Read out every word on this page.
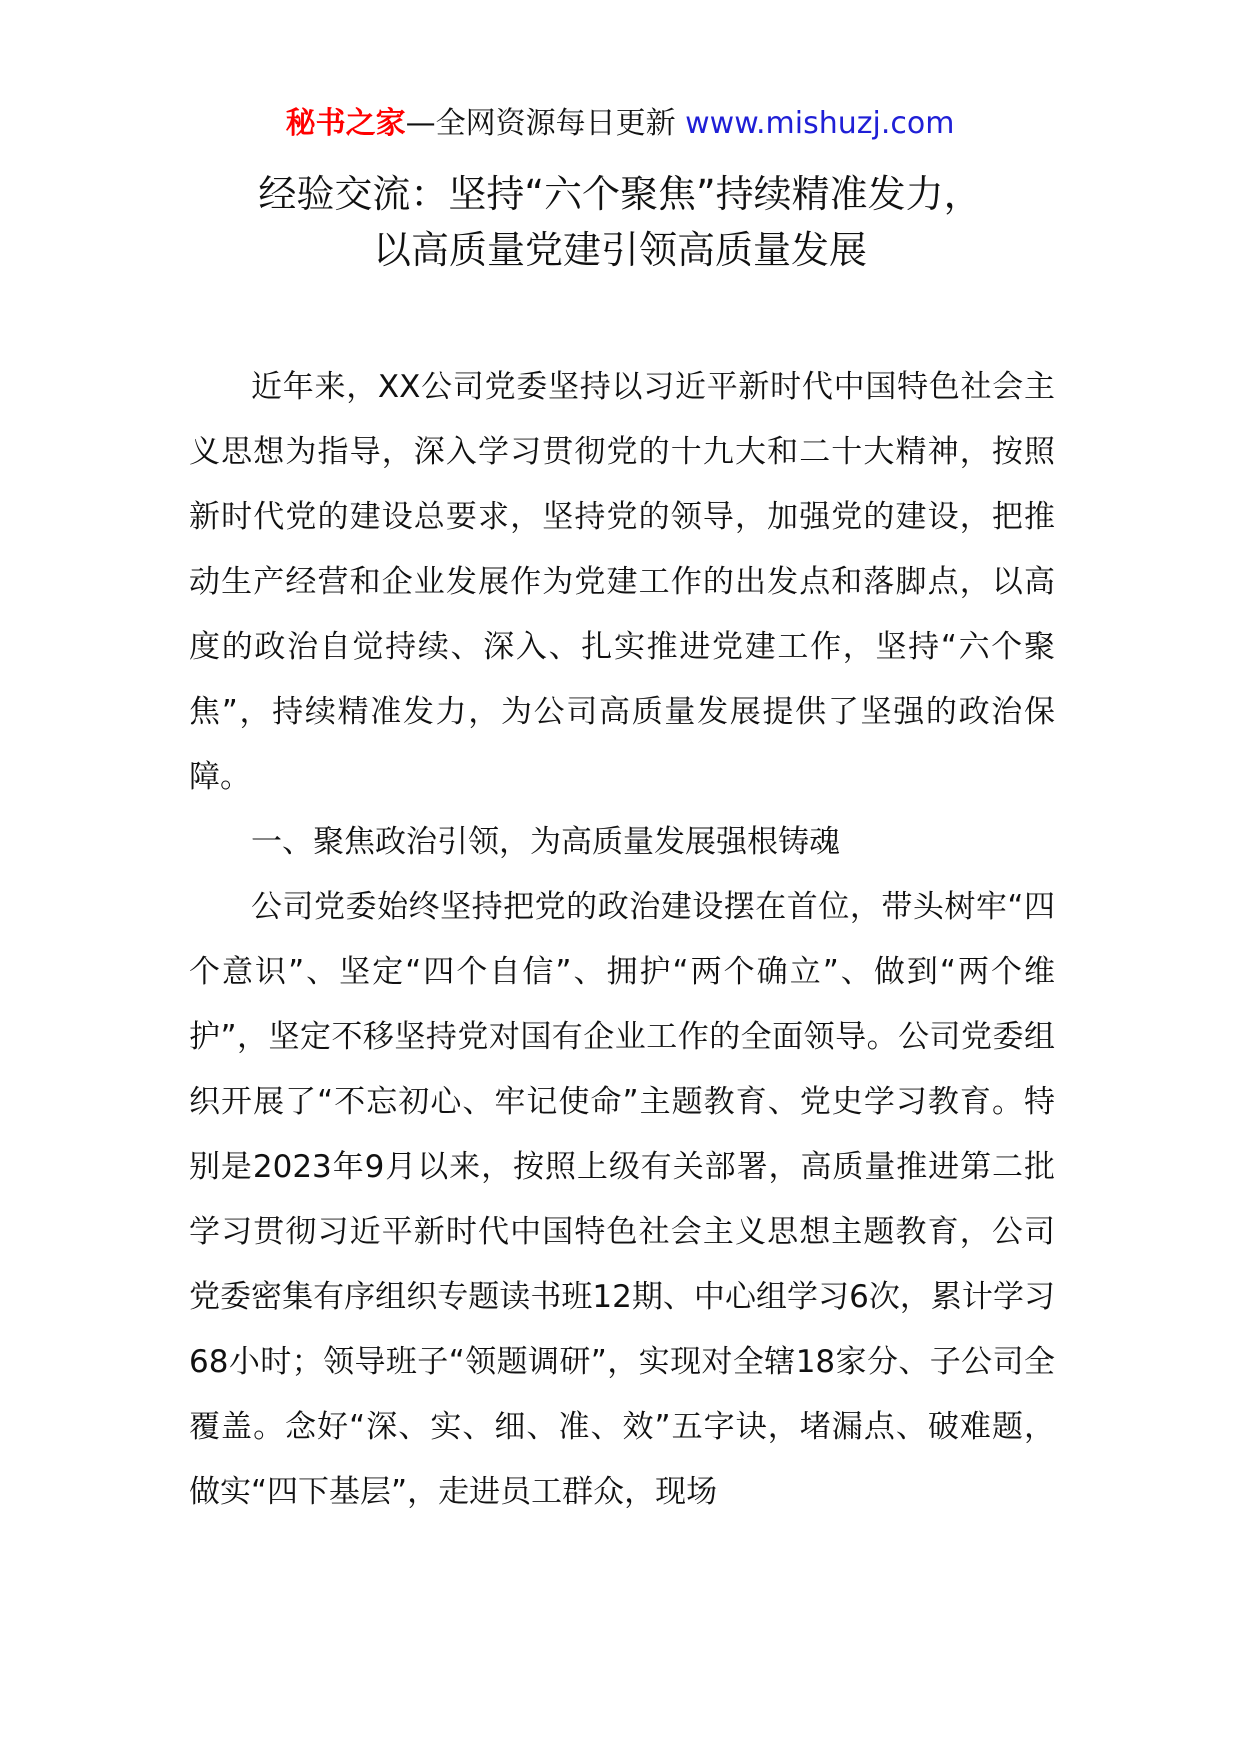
秘书之家—全网资源每日更新 www.mishuzj.com
经验交流：坚持“六个聚焦”持续精准发力，
以高质量党建引领高质量发展

近年来，XX公司党委坚持以习近平新时代中国特色社会主义思想为指导，深入学习贯彻党的十九大和二十大精神，按照新时代党的建设总要求，坚持党的领导，加强党的建设，把推动生产经营和企业发展作为党建工作的出发点和落脚点，以高度的政治自觉持续、深入、扎实推进党建工作，坚持“六个聚焦”，持续精准发力，为公司高质量发展提供了坚强的政治保障。

一、聚焦政治引领，为高质量发展强根铸魂

公司党委始终坚持把党的政治建设摆在首位，带头树牢“四个意识”、坚定“四个自信”、拥护“两个确立”、做到“两个维护”，坚定不移坚持党对国有企业工作的全面领导。公司党委组织开展了“不忘初心、牢记使命”主题教育、党史学习教育。特别是2023年9月以来，按照上级有关部署，高质量推进第二批学习贯彻习近平新时代中国特色社会主义思想主题教育，公司党委密集有序组织专题读书班12期、中心组学习6次，累计学习68小时；领导班子“领题调研”，实现对全辖18家分、子公司全覆盖。念好“深、实、细、准、效”五字诀，堵漏点、破难题，做实“四下基层”，走进员工群众，现场
